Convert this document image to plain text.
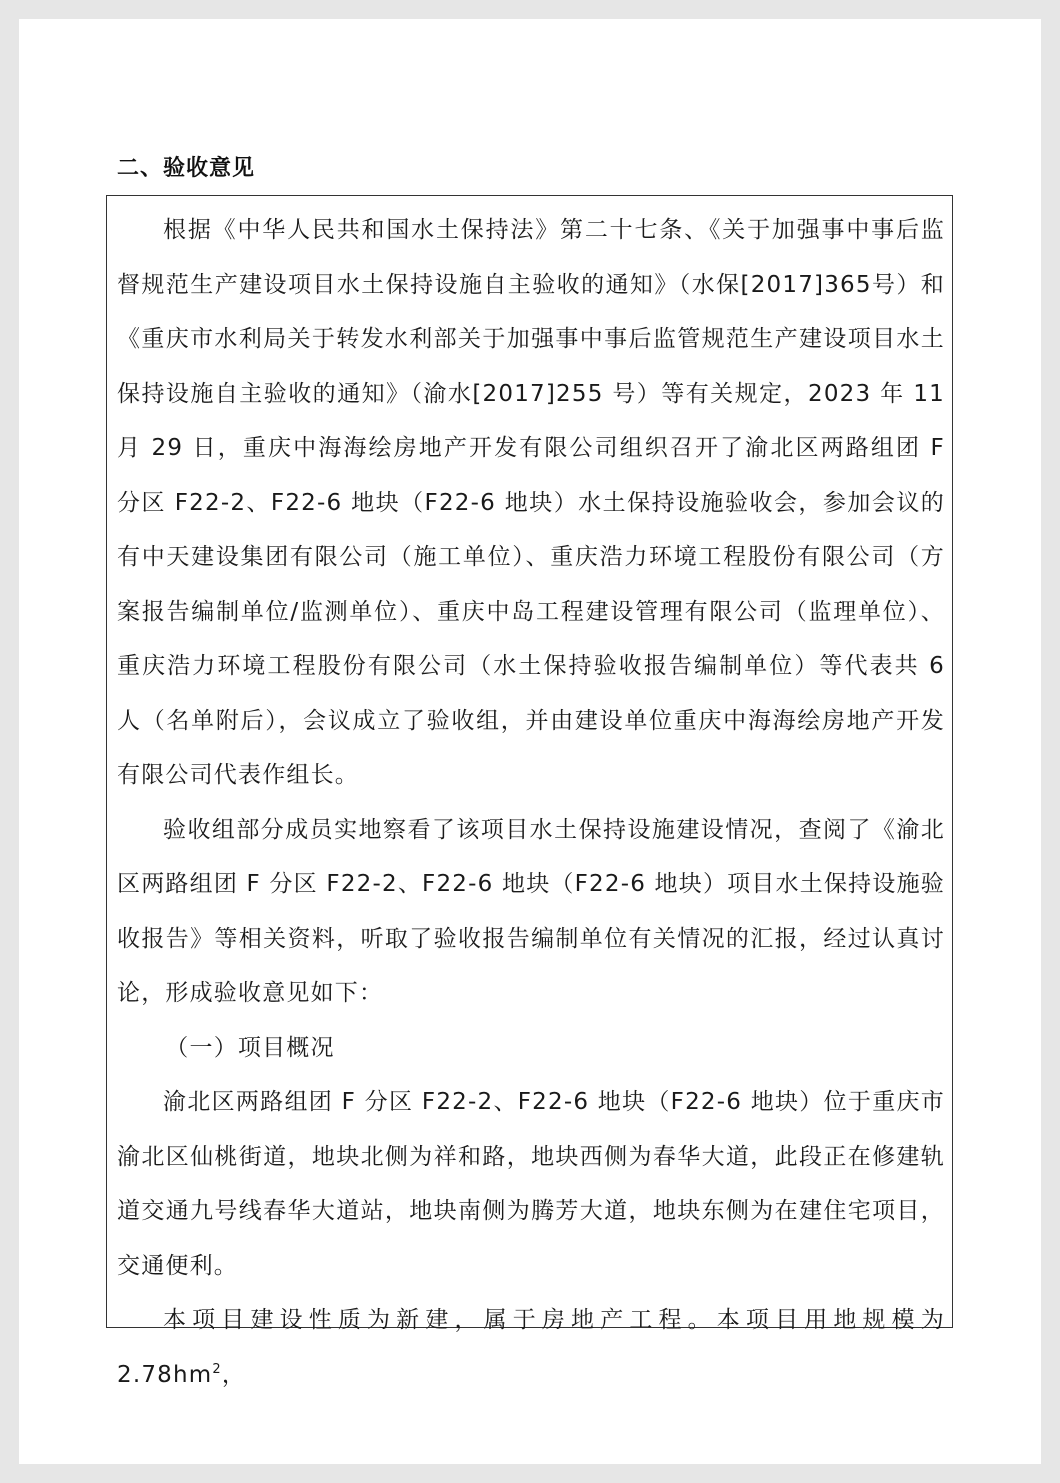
二、验收意见

根据《中华人民共和国水土保持法》第二十七条、《关于加强事中事后监督规范生产建设项目水土保持设施自主验收的通知》（水保[2017]365号）和《重庆市水利局关于转发水利部关于加强事中事后监管规范生产建设项目水土保持设施自主验收的通知》（渝水[2017]255 号）等有关规定，2023 年 11 月 29 日，重庆中海海绘房地产开发有限公司组织召开了渝北区两路组团 F 分区 F22-2、F22-6 地块（F22-6 地块）水土保持设施验收会，参加会议的有中天建设集团有限公司（施工单位）、重庆浩力环境工程股份有限公司（方案报告编制单位/监测单位）、重庆中岛工程建设管理有限公司（监理单位）、重庆浩力环境工程股份有限公司（水土保持验收报告编制单位）等代表共 6 人（名单附后），会议成立了验收组，并由建设单位重庆中海海绘房地产开发有限公司代表作组长。

验收组部分成员实地察看了该项目水土保持设施建设情况，查阅了《渝北区两路组团 F 分区 F22-2、F22-6 地块（F22-6 地块）项目水土保持设施验收报告》等相关资料，听取了验收报告编制单位有关情况的汇报，经过认真讨论，形成验收意见如下：

（一）项目概况

渝北区两路组团 F 分区 F22-2、F22-6 地块（F22-6 地块）位于重庆市渝北区仙桃街道，地块北侧为祥和路，地块西侧为春华大道，此段正在修建轨道交通九号线春华大道站，地块南侧为腾芳大道，地块东侧为在建住宅项目，交通便利。

本项目建设性质为新建，属于房地产工程。本项目用地规模为 $2.78hm^2$，
